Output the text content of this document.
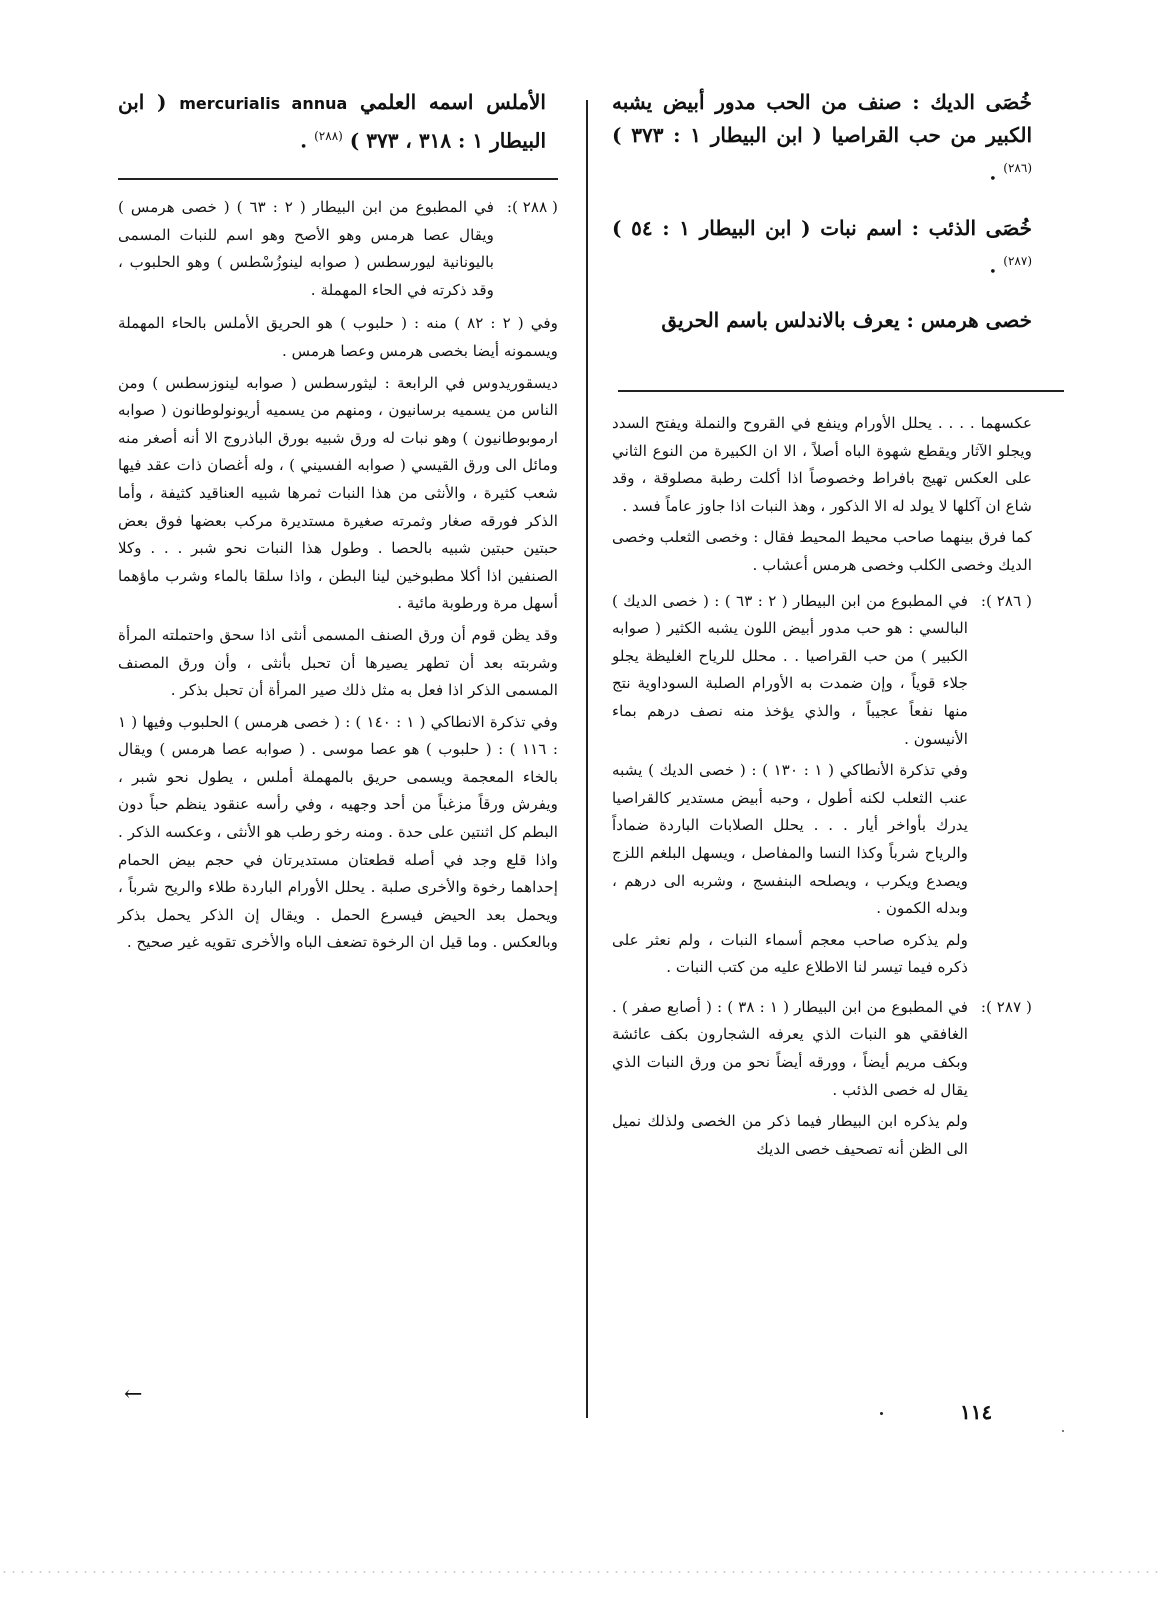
خُصَى الديك : صنف من الحب مدور أبيض يشبه الكبير من حب القراصيا ( ابن البيطار ١ : ٣٧٣ ) $^{(٢٨٦)}$ .

خُصَى الذئب : اسم نبات ( ابن البيطار ١ : ٥٤ ) $^{(٢٨٧)}$ .

خصى هرمس : يعرف بالاندلس باسم الحريق

عكسهما . . . . يحلل الأورام وينفع في القروح والنملة ويفتح السدد ويجلو الآثار ويقطع شهوة الباه أصلاً ، الا ان الكبيرة من النوع الثاني على العكس تهيج بافراط وخصوصاً اذا أكلت رطبة مصلوقة ، وقد شاع ان آكلها لا يولد له الا الذكور ، وهذ النبات اذا جاوز عاماً فسد .

كما فرق بينهما صاحب محيط المحيط فقال : وخصى الثعلب وخصى الديك وخصى الكلب وخصى هرمس أعشاب .

( ٢٨٦ ):

في المطبوع من ابن البيطار ( ٢ : ٦٣ ) : ( خصى الديك ) البالسي : هو حب مدور أبيض اللون يشبه الكثير ( صوابه الكبير ) من حب القراصيا . . محلل للرياح الغليظة يجلو جلاء قوياً ، وإن ضمدت به الأورام الصلبة السوداوية نتج منها نفعاً عجيباً ، والذي يؤخذ منه نصف درهم بماء الأنيسون .

وفي تذكرة الأنطاكي ( ١ : ١٣٠ ) : ( خصى الديك ) يشبه عنب الثعلب لكنه أطول ، وحبه أبيض مستدير كالقراصيا يدرك بأواخر أيار . . . يحلل الصلابات الباردة ضماداً والرياح شرباً وكذا النسا والمفاصل ، ويسهل البلغم اللزج ويصدع ويكرب ، ويصلحه البنفسج ، وشربه الى درهم ، وبدله الكمون .

ولم يذكره صاحب معجم أسماء النبات ، ولم نعثر على ذكره فيما تيسر لنا الاطلاع عليه من كتب النبات .

( ٢٨٧ ):

في المطبوع من ابن البيطار ( ١ : ٣٨ ) : ( أصابع صفر ) . الغافقي هو النبات الذي يعرفه الشجارون بكف عائشة وبكف مريم أيضاً ، وورقه أيضاً نحو من ورق النبات الذي يقال له خصى الذئب .

ولم يذكره ابن البيطار فيما ذكر من الخصى ولذلك نميل الى الظن أنه تصحيف خصى الديك

الأملس اسمه العلمي mercurialis annua ( ابن البيطار ١ : ٣١٨ ، ٣٧٣ ) $^{(٢٨٨)}$ .

( ٢٨٨ ):

في المطبوع من ابن البيطار ( ٢ : ٦٣ ) ( خصى هرمس ) ويقال عصا هرمس وهو الأصح وهو اسم للنبات المسمى باليونانية ليورسطس ( صوابه لينوزُسْطس ) وهو الحلبوب ، وقد ذكرته في الحاء المهملة .

وفي ( ٢ : ٨٢ ) منه : ( حلبوب ) هو الحريق الأملس بالحاء المهملة ويسمونه أيضا بخصى هرمس وعصا هرمس .

ديسقوريدوس في الرابعة : ليثورسطس ( صوابه لينوزسطس ) ومن الناس من يسميه برسانيون ، ومنهم من يسميه أريونولوطانون ( صوابه ارموبوطانيون ) وهو نبات له ورق شبيه بورق الباذروج الا أنه أصغر منه ومائل الى ورق القيسي ( صوابه الفسيني ) ، وله أغصان ذات عقد فيها شعب كثيرة ، والأنثى من هذا النبات ثمرها شبيه العناقيد كثيفة ، وأما الذكر فورقه صغار وثمرته صغيرة مستديرة مركب بعضها فوق بعض حبتين حبتين شبيه بالحصا . وطول هذا النبات نحو شبر . . . وكلا الصنفين اذا أكلا مطبوخين لينا البطن ، واذا سلقا بالماء وشرب ماؤهما أسهل مرة ورطوبة مائية .

وقد يظن قوم أن ورق الصنف المسمى أنثى اذا سحق واحتملته المرأة وشربته بعد أن تطهر يصيرها أن تحبل بأنثى ، وأن ورق المصنف المسمى الذكر اذا فعل به مثل ذلك صير المرأة أن تحبل بذكر .

وفي تذكرة الانطاكي ( ١ : ١٤٠ ) : ( خصى هرمس ) الحلبوب وفيها ( ١ : ١١٦ ) : ( حلبوب ) هو عصا موسى . ( صوابه عصا هرمس ) ويقال بالخاء المعجمة ويسمى حريق بالمهملة أملس ، يطول نحو شبر ، ويفرش ورقاً مزغباً من أحد وجهيه ، وفي رأسه عنقود ينظم حباً دون البطم كل اثنتين على حدة . ومنه رخو رطب هو الأنثى ، وعكسه الذكر . واذا قلع وجد في أصله قطعتان مستديرتان في حجم بيض الحمام إحداهما رخوة والأخرى صلبة . يحلل الأورام الباردة طلاء والريح شرباً ، ويحمل بعد الحيض فيسرع الحمل . ويقال إن الذكر يحمل بذكر وبالعكس . وما قيل ان الرخوة تضعف الباه والأخرى تقويه غير صحيح .

←
١١٤
